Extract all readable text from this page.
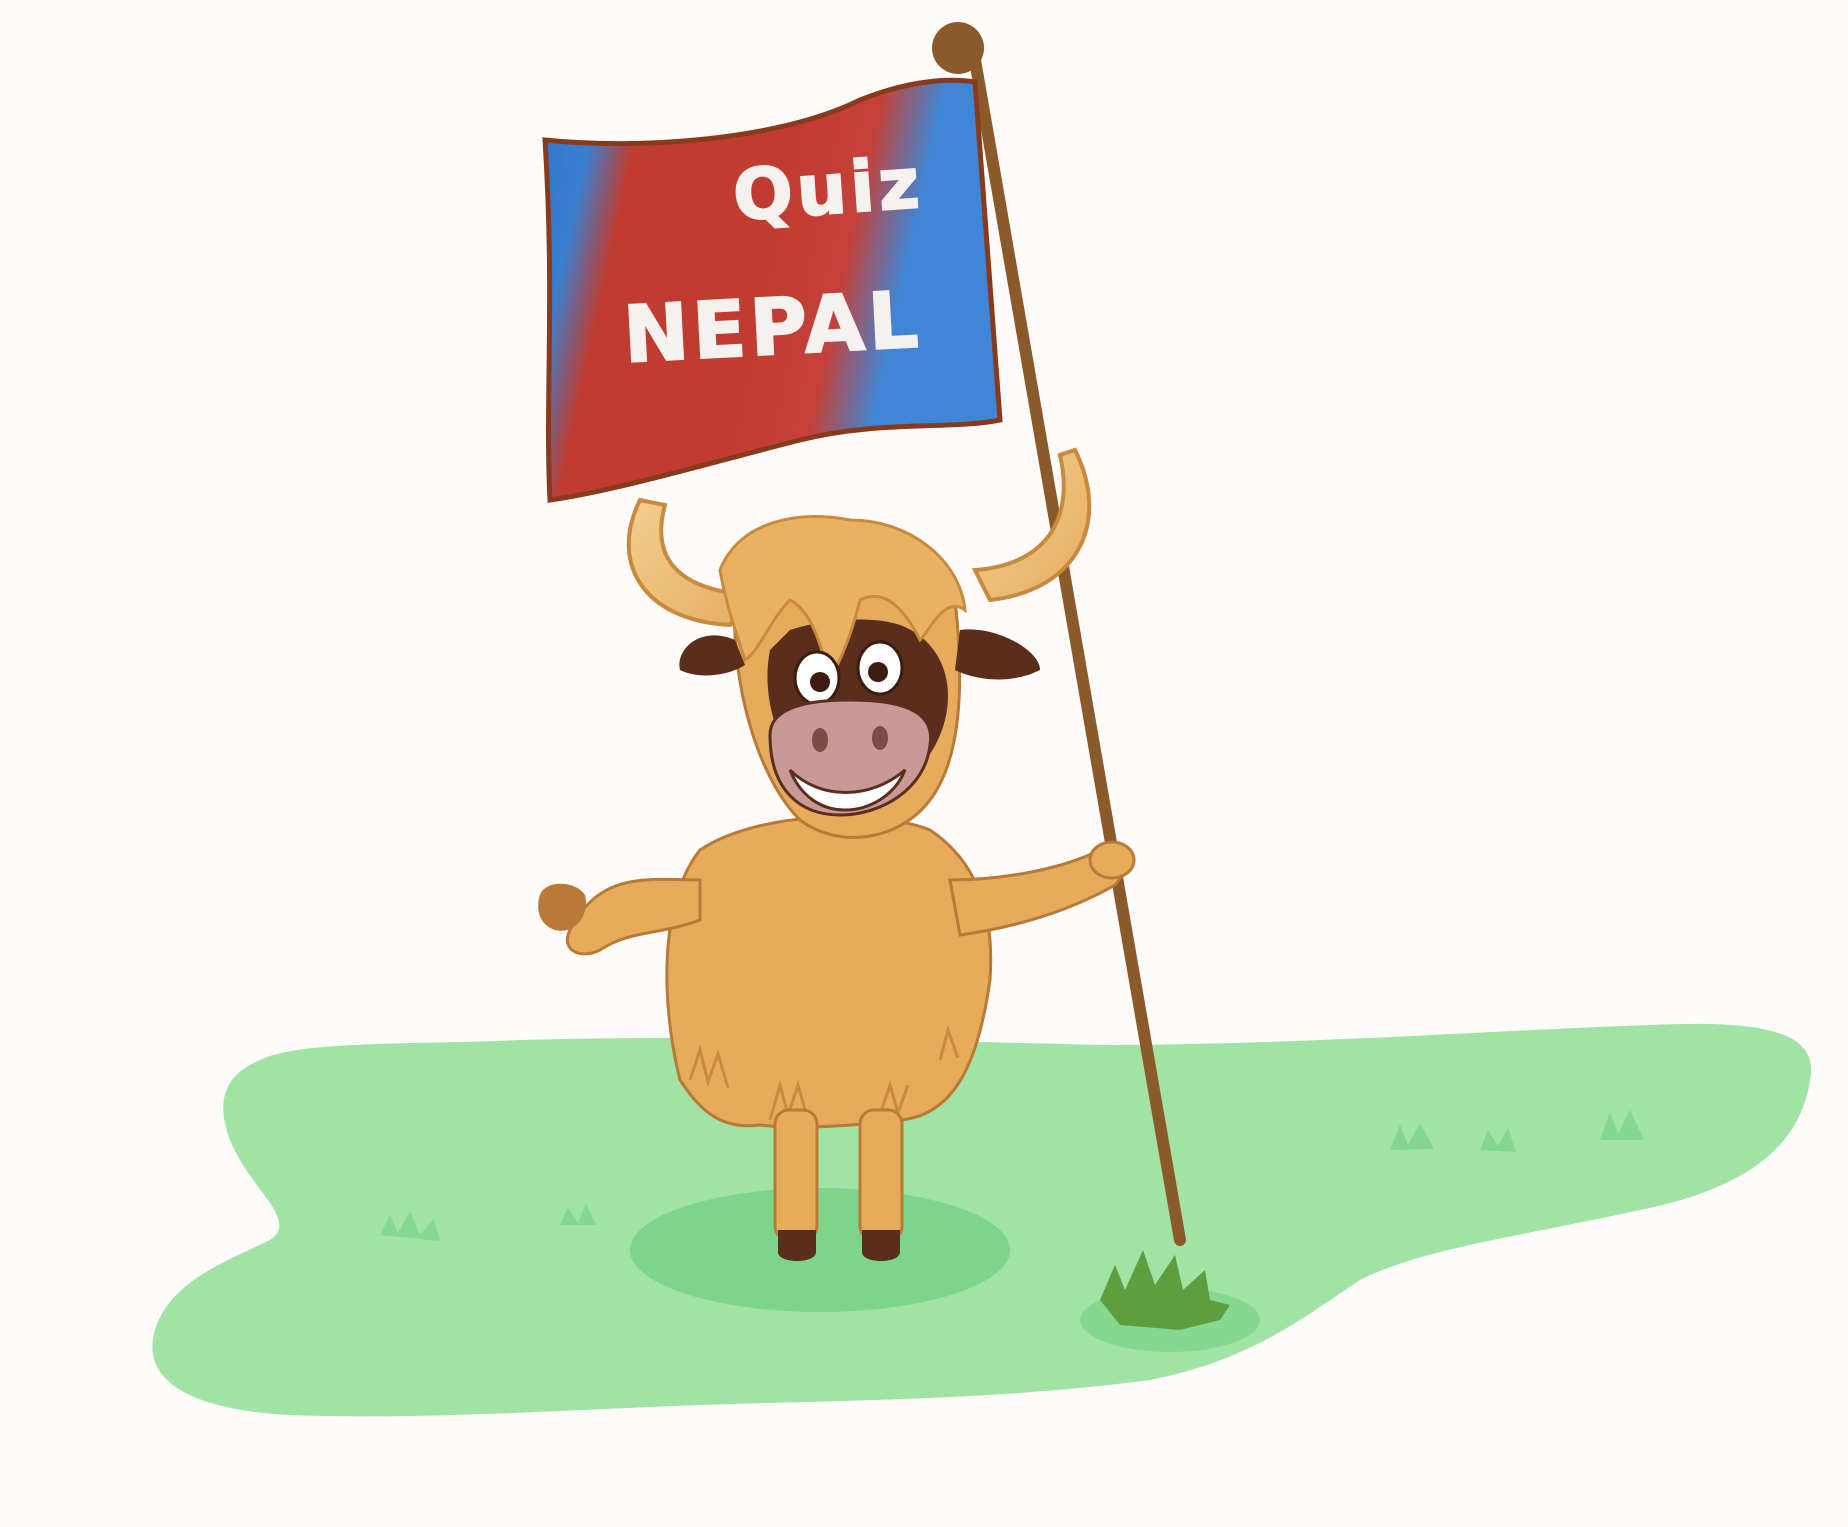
Quiz
NEPAL
